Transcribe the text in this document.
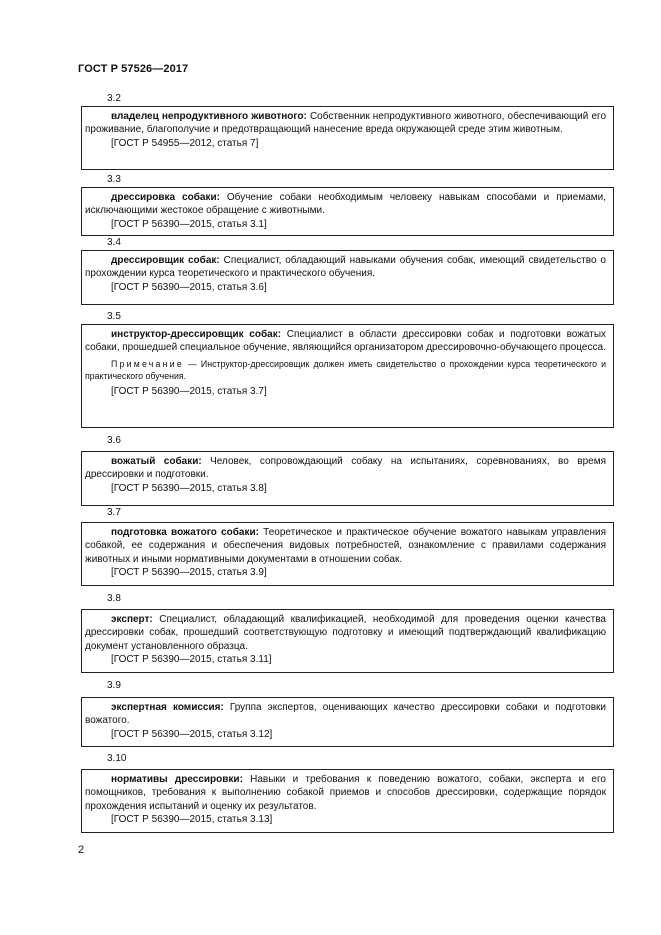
ГОСТ Р 57526—2017
3.2

владелец непродуктивного животного: Собственник непродуктивного животного, обеспечивающий его проживание, благополучие и предотвращающий нанесение вреда окружающей среде этим животным.

[ГОСТ Р 54955—2012, статья 7]

3.3

дрессировка собаки: Обучение собаки необходимым человеку навыкам способами и приемами, исключающими жестокое обращение с животными.

[ГОСТ Р 56390—2015, статья 3.1]

3.4

дрессировщик собак: Специалист, обладающий навыками обучения собак, имеющий свидетельство о прохождении курса теоретического и практического обучения.

[ГОСТ Р 56390—2015, статья 3.6]

3.5

инструктор-дрессировщик собак: Специалист в области дрессировки собак и подготовки вожатых собаки, прошедшей специальное обучение, являющийся организатором дрессировочно-обучающего процесса.

Примечание — Инструктор-дрессировщик должен иметь свидетельство о прохождении курса теоретического и практического обучения.

[ГОСТ Р 56390—2015, статья 3.7]

3.6

вожатый собаки: Человек, сопровождающий собаку на испытаниях, соревнованиях, во время дрессировки и подготовки.

[ГОСТ Р 56390—2015, статья 3.8]

3.7

подготовка вожатого собаки: Теоретическое и практическое обучение вожатого навыкам управления собакой, ее содержания и обеспечения видовых потребностей, ознакомление с правилами содержания животных и иными нормативными документами в отношении собак.

[ГОСТ Р 56390—2015, статья 3.9]

3.8

эксперт: Специалист, обладающий квалификацией, необходимой для проведения оценки качества дрессировки собак, прошедший соответствующую подготовку и имеющий подтверждающий квалификацию документ установленного образца.

[ГОСТ Р 56390—2015, статья 3.11]

3.9

экспертная комиссия: Группа экспертов, оценивающих качество дрессировки собаки и подготовки вожатого.

[ГОСТ Р 56390—2015, статья 3.12]

3.10

нормативы дрессировки: Навыки и требования к поведению вожатого, собаки, эксперта и его помощников, требования к выполнению собакой приемов и способов дрессировки, содержащие порядок прохождения испытаний и оценку их результатов.

[ГОСТ Р 56390—2015, статья 3.13]

2
